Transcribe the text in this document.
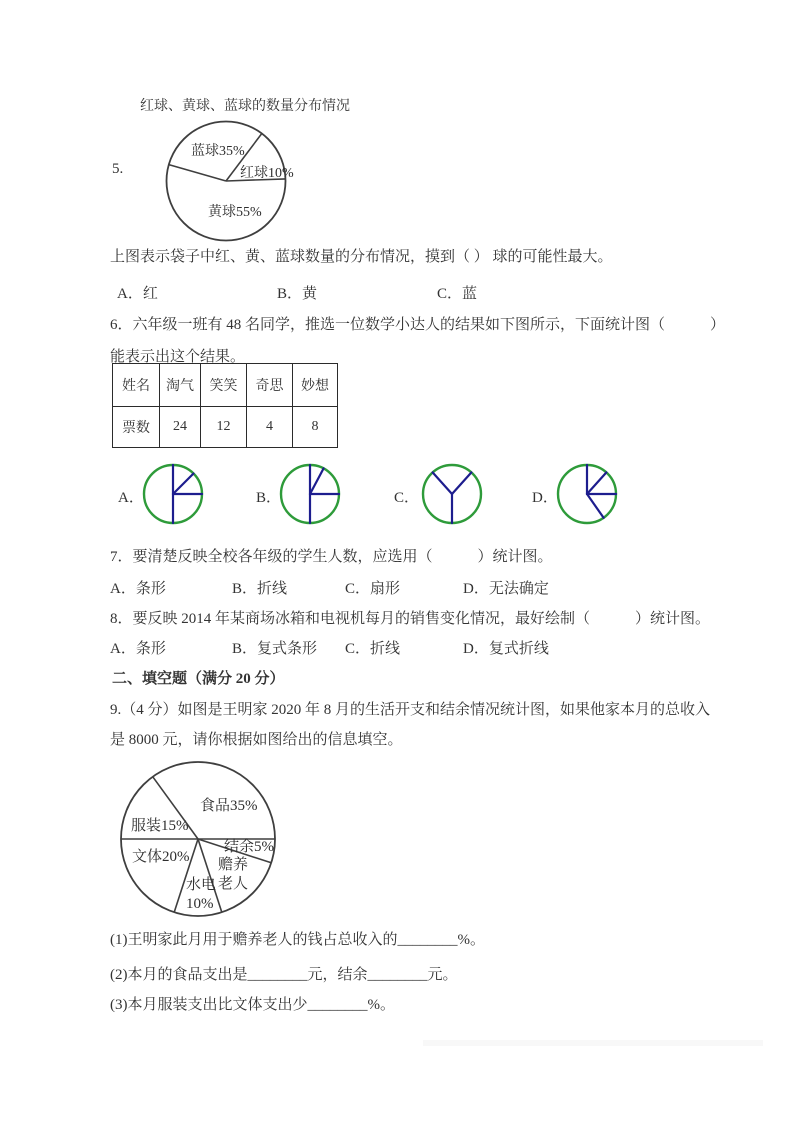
红球、黄球、蓝球的数量分布情况
蓝球35%
红球10%
黄球55%
5.
上图表示袋子中红、黄、蓝球数量的分布情况，摸到（ ） 球的可能性最大。
A．红	B．黄	C．蓝
6．六年级一班有 48 名同学，推选一位数学小达人的结果如下图所示，下面统计图（　　　）
能表示出这个结果。
姓名	淘气	笑笑	奇思	妙想
票数	24	12	4	8
A．	B．	C．	D．
7．要清楚反映全校各年级的学生人数，应选用（　　　）统计图。
A．条形	B．折线	C．扇形	D．无法确定
8．要反映 2014 年某商场冰箱和电视机每月的销售变化情况，最好绘制（　　　）统计图。
A．条形	B．复式条形 C．折线	D．复式折线
二、填空题（满分 20 分）
9.（4 分）如图是王明家 2020 年 8 月的生活开支和结余情况统计图，如果他家本月的总收入
是 8000 元，请你根据如图给出的信息填空。
食品35%
服装15%
结余5%
文体20% 赡养
老人
水电
10%
(1)王明家此月用于赡养老人的钱占总收入的________%。
(2)本月的食品支出是________元，结余________元。
(3)本月服装支出比文体支出少________%。
